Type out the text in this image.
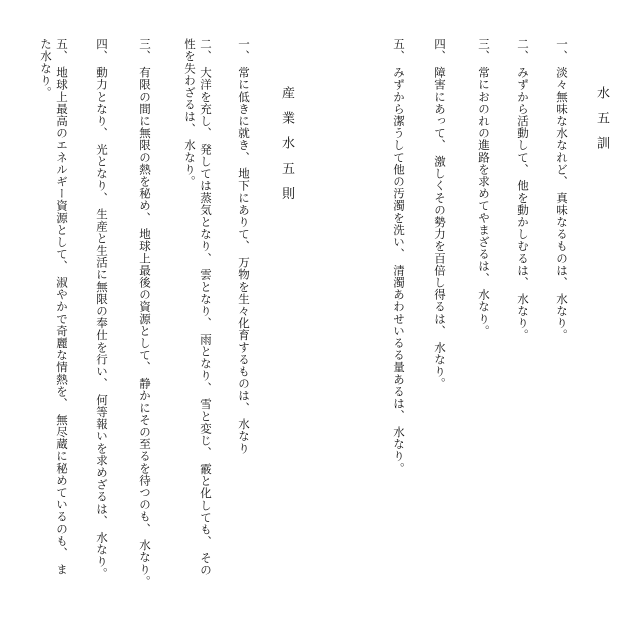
水 五 訓
一、 淡々無味な水なれど、 真味なるものは、 水なり。
二、 みずから活動して、 他を動かしむるは、 水なり。
三、 常におのれの進路を求めてやまざるは、 水なり。
四、 障害にあって、 激しくその勢力を百倍し得るは、 水なり。
五、 みずから潔うして他の汚濁を洗い、 清濁あわせいるる量あるは、 水なり。
産 業 水 五 則
一、 常に低きに就き、 地下にありて、 万物を生々化育するものは、 水なり
二、 大洋を充し、 発しては蒸気となり、 雲となり、 雨となり、 雪と変じ、 霰と化しても、 その性を失わざるは、 水なり。
三、 有限の間に無限の熱を秘め、 地球上最後の資源として、 静かにその至るを待つのも、 水なり。
四、 動力となり、 光となり、 生産と生活に無限の奉仕を行い、 何等報いを求めざるは、 水なり。
五、 地球上最高のエネルギー資源として、 淑やかで奇麗な情熱を、 無尽蔵に秘めているのも、 また水なり。
